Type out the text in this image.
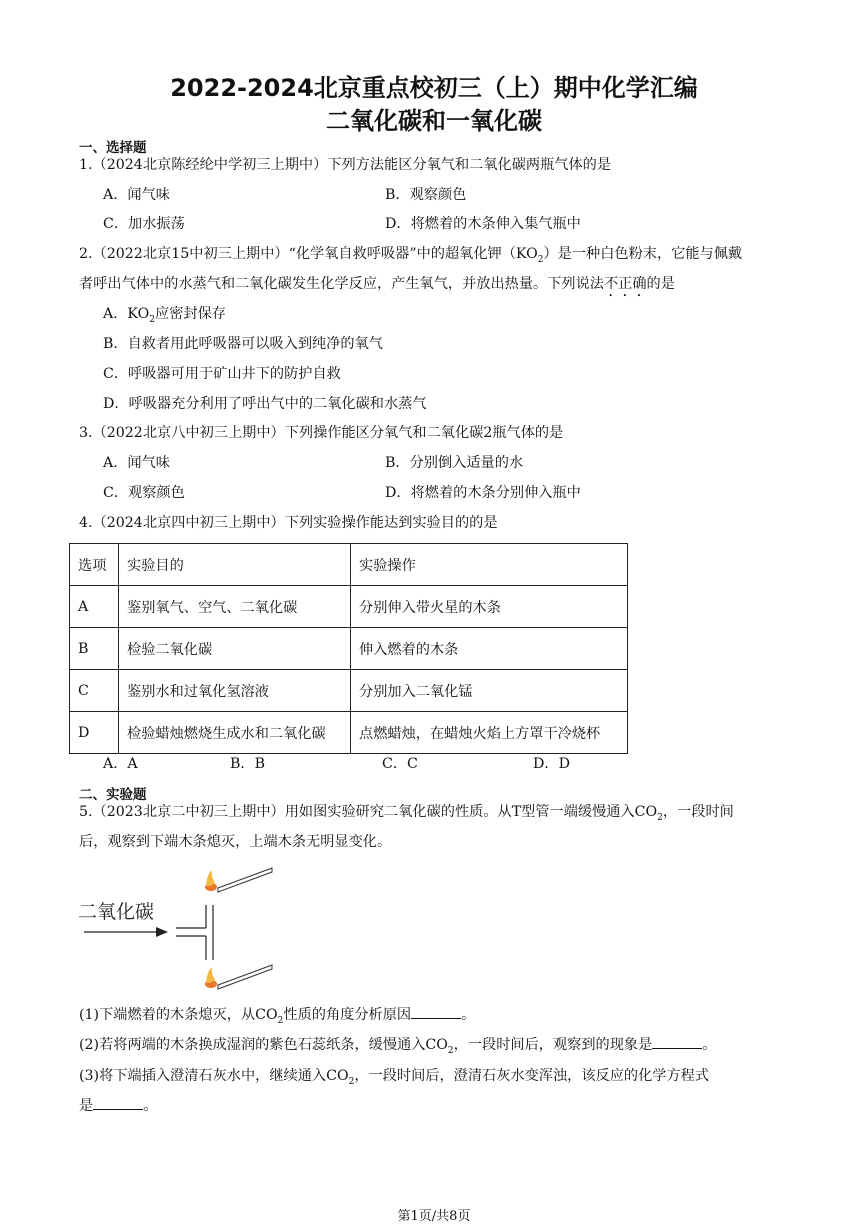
2022-2024北京重点校初三（上）期中化学汇编
二氧化碳和一氧化碳
一、选择题
1.（2024北京陈经纶中学初三上期中）下列方法能区分氧气和二氧化碳两瓶气体的是
A．闻气味	B．观察颜色
C．加水振荡	D．将燃着的木条伸入集气瓶中
2.（2022北京15中初三上期中）“化学氧自救呼吸器”中的超氧化钾$(KO_2)$是一种白色粉末，它能与佩戴
者呼出气体中的水蒸气和二氧化碳发生化学反应，产生氧气，并放出热量。下列说法不正确的是
A．$KO_2$应密封保存
B．自救者用此呼吸器可以吸入到纯净的氧气
C．呼吸器可用于矿山井下的防护自救
D．呼吸器充分利用了呼出气中的二氧化碳和水蒸气
3.（2022北京八中初三上期中）下列操作能区分氧气和二氧化碳2瓶气体的是
A．闻气味	B．分别倒入适量的水
C．观察颜色	D．将燃着的木条分别伸入瓶中
4.（2024北京四中初三上期中）下列实验操作能达到实验目的的是
选项	实验目的	实验操作
A	鉴别氧气、空气、二氧化碳	分别伸入带火星的木条
B	检验二氧化碳	伸入燃着的木条
C	鉴别水和过氧化氢溶液	分别加入二氧化锰
D	检验蜡烛燃烧生成水和二氧化碳	点燃蜡烛，在蜡烛火焰上方罩干冷烧杯
A．A	B．B	C．C	D．D
二、实验题
5.（2023北京二中初三上期中）用如图实验研究二氧化碳的性质。从T型管一端缓慢通入$CO_2$，一段时间
后，观察到下端木条熄灭，上端木条无明显变化。
二氧化碳
(1)下端燃着的木条熄灭，从$CO_2$性质的角度分析原因	。
(2)若将两端的木条换成湿润的紫色石蕊纸条，缓慢通入$CO_2$，一段时间后，观察到的现象是	。
(3)将下端插入澄清石灰水中，继续通入$CO_2$，一段时间后，澄清石灰水变浑浊，该反应的化学方程式
是	。
第1页/共8页
